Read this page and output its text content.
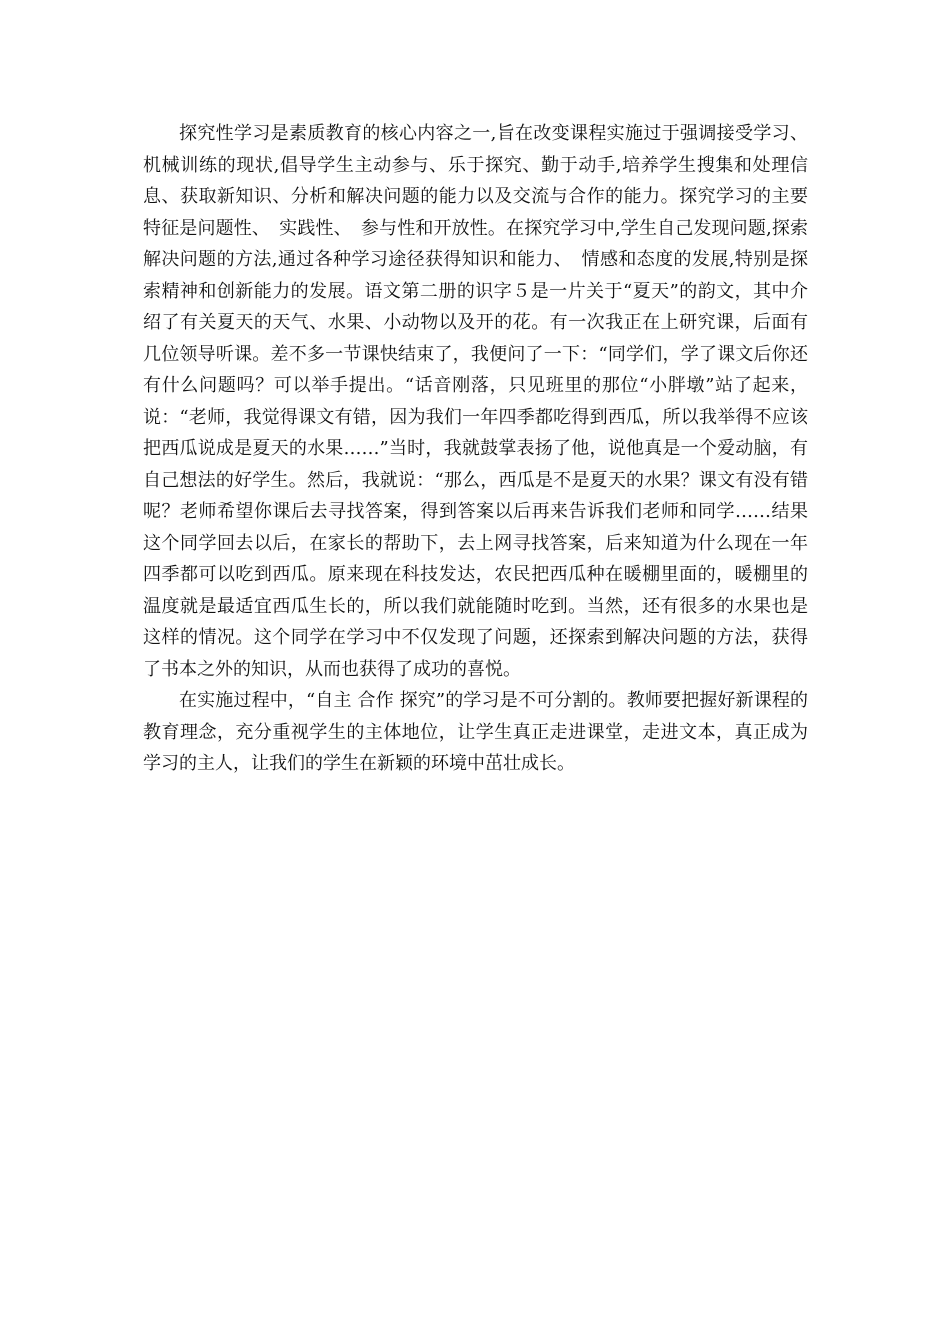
探究性学习是素质教育的核心内容之一,旨在改变课程实施过于强调接受学习、机械训练的现状,倡导学生主动参与、乐于探究、勤于动手,培养学生搜集和处理信息、获取新知识、分析和解决问题的能力以及交流与合作的能力。探究学习的主要特征是问题性、　实践性、　参与性和开放性。在探究学习中,学生自己发现问题,探索解决问题的方法,通过各种学习途径获得知识和能力、　情感和态度的发展,特别是探索精神和创新能力的发展。语文第二册的识字５是一片关于“夏天”的韵文，其中介绍了有关夏天的天气、水果、小动物以及开的花。有一次我正在上研究课，后面有几位领导听课。差不多一节课快结束了，我便问了一下：“同学们，学了课文后你还有什么问题吗？可以举手提出。“话音刚落，只见班里的那位“小胖墩”站了起来，说：“老师，我觉得课文有错，因为我们一年四季都吃得到西瓜，所以我举得不应该把西瓜说成是夏天的水果……”当时，我就鼓掌表扬了他，说他真是一个爱动脑，有自己想法的好学生。然后，我就说：“那么，西瓜是不是夏天的水果？课文有没有错呢？老师希望你课后去寻找答案，得到答案以后再来告诉我们老师和同学……结果这个同学回去以后，在家长的帮助下，去上网寻找答案，后来知道为什么现在一年四季都可以吃到西瓜。原来现在科技发达，农民把西瓜种在暖棚里面的，暖棚里的温度就是最适宜西瓜生长的，所以我们就能随时吃到。当然，还有很多的水果也是这样的情况。这个同学在学习中不仅发现了问题，还探索到解决问题的方法，获得了书本之外的知识，从而也获得了成功的喜悦。

在实施过程中，“自主 合作 探究”的学习是不可分割的。教师要把握好新课程的教育理念，充分重视学生的主体地位，让学生真正走进课堂，走进文本，真正成为学习的主人，让我们的学生在新颖的环境中茁壮成长。
